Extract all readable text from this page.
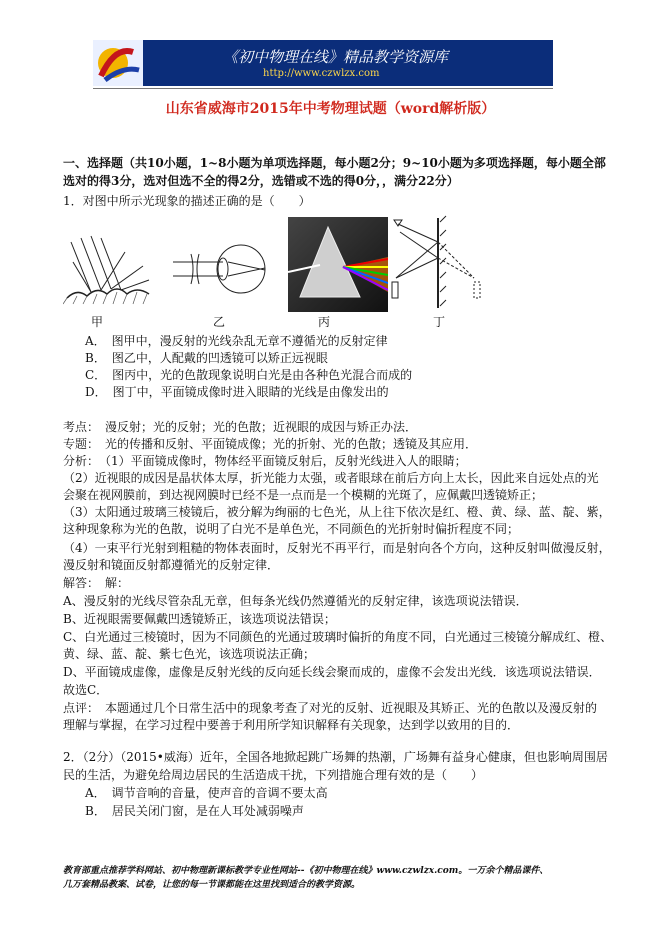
《初中物理在线》精品教学资源库
http://www.czwlzx.com
山东省威海市2015年中考物理试题（word解析版）
一、选择题（共10小题，1~8小题为单项选择题，每小题2分；9~10小题为多项选择题，每小题全部
选对的得3分，选对但选不全的得2分，选错或不选的得0分，，满分22分）
1．对图中所示光现象的描述正确的是（　　）
甲	乙	丙	丁
A．　图甲中，漫反射的光线杂乱无章不遵循光的反射定律
B．　图乙中，人配戴的凹透镜可以矫正远视眼
C．　图丙中，光的色散现象说明白光是由各种色光混合而成的
D．　图丁中，平面镜成像时进入眼睛的光线是由像发出的
考点：　漫反射；光的反射；光的色散；近视眼的成因与矫正办法．
专题：　光的传播和反射、平面镜成像；光的折射、光的色散；透镜及其应用．
分析：　（1）平面镜成像时，物体经平面镜反射后，反射光线进入人的眼睛；
（2）近视眼的成因是晶状体太厚，折光能力太强，或者眼球在前后方向上太长，因此来自远处点的光
会聚在视网膜前，到达视网膜时已经不是一点而是一个模糊的光斑了，应佩戴凹透镜矫正；
（3）太阳通过玻璃三棱镜后，被分解为绚丽的七色光，从上往下依次是红、橙、黄、绿、蓝、靛、紫，
这种现象称为光的色散，说明了白光不是单色光，不同颜色的光折射时偏折程度不同；
（4）一束平行光射到粗糙的物体表面时，反射光不再平行，而是射向各个方向，这种反射叫做漫反射，
漫反射和镜面反射都遵循光的反射定律．
解答：　解：
A、漫反射的光线尽管杂乱无章，但每条光线仍然遵循光的反射定律，该选项说法错误．
B、近视眼需要佩戴凹透镜矫正，该选项说法错误；
C、白光通过三棱镜时，因为不同颜色的光通过玻璃时偏折的角度不同，白光通过三棱镜分解成红、橙、
黄、绿、蓝、靛、紫七色光，该选项说法正确；
D、平面镜成虚像，虚像是反射光线的反向延长线会聚而成的，虚像不会发出光线．该选项说法错误．
故选C．
点评：　本题通过几个日常生活中的现象考查了对光的反射、近视眼及其矫正、光的色散以及漫反射的
理解与掌握，在学习过程中要善于利用所学知识解释有关现象，达到学以致用的目的．
2．（2分）（2015•威海）近年，全国各地掀起跳广场舞的热潮，广场舞有益身心健康，但也影响周围居
民的生活，为避免给周边居民的生活造成干扰，下列措施合理有效的是（　　）
A．　调节音响的音量，使声音的音调不要太高
B．　居民关闭门窗，是在人耳处减弱噪声
教育部重点推荐学科网站、初中物理新课标教学专业性网站--《初中物理在线》www.czwlzx.com。一万余个精品课件、
几万套精品教案、试卷，让您的每一节课都能在这里找到适合的教学资源。
